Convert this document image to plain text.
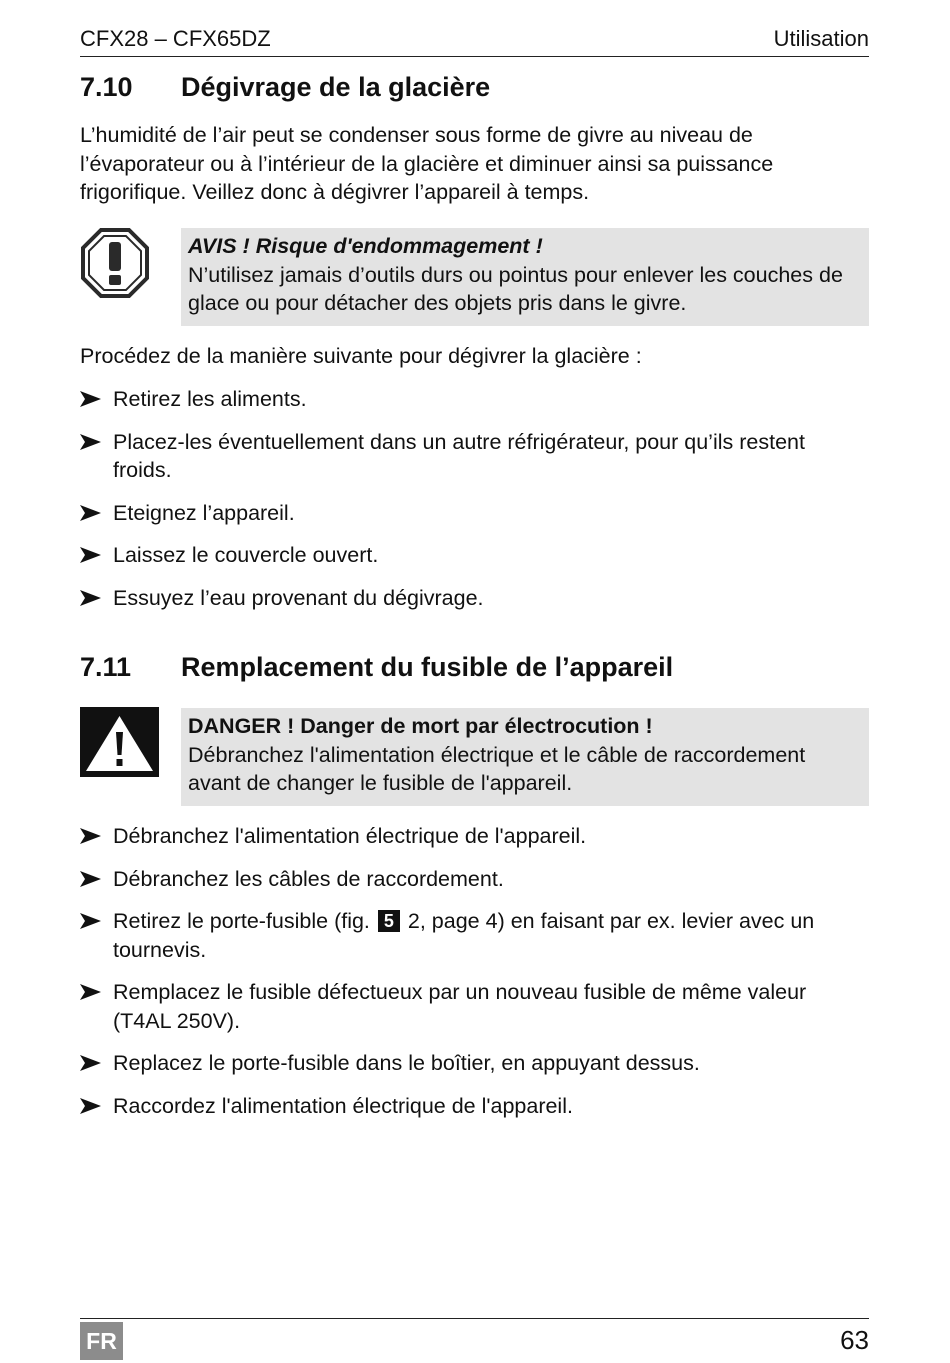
CFX28 – CFX65DZ	Utilisation
7.10 Dégivrage de la glacière
L’humidité de l’air peut se condenser sous forme de givre au niveau de l’évaporateur ou à l’intérieur de la glacière et diminuer ainsi sa puissance frigorifique. Veillez donc à dégivrer l’appareil à temps.
AVIS ! Risque d'endommagement !
N’utilisez jamais d’outils durs ou pointus pour enlever les couches de glace ou pour détacher des objets pris dans le givre.
Procédez de la manière suivante pour dégivrer la glacière :
Retirez les aliments.
Placez-les éventuellement dans un autre réfrigérateur, pour qu’ils restent froids.
Eteignez l’appareil.
Laissez le couvercle ouvert.
Essuyez l’eau provenant du dégivrage.
7.11 Remplacement du fusible de l’appareil
DANGER ! Danger de mort par électrocution !
Débranchez l'alimentation électrique et le câble de raccordement avant de changer le fusible de l'appareil.
Débranchez l'alimentation électrique de l'appareil.
Débranchez les câbles de raccordement.
Retirez le porte-fusible (fig. 5 2, page 4) en faisant par ex. levier avec un tournevis.
Remplacez le fusible défectueux par un nouveau fusible de même valeur (T4AL 250V).
Replacez le porte-fusible dans le boîtier, en appuyant dessus.
Raccordez l'alimentation électrique de l'appareil.
FR	63
